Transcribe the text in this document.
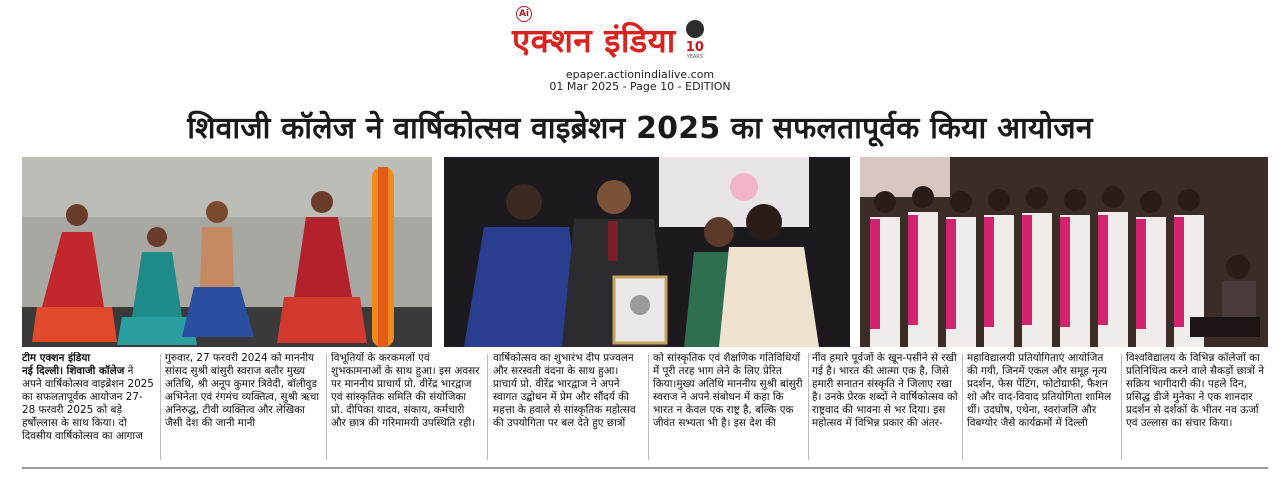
Ai
एक्शन इंडिया 10
YEARS
epaper.actionindialive.com
01 Mar 2025 - Page 10 - EDITION
शिवाजी कॉलेज ने वार्षिकोत्सव वाइब्रेशन 2025 का सफलतापूर्वक किया आयोजन
टीम एक्शन इंडिया
नई दिल्ली। शिवाजी कॉलेज ने अपने वार्षिकोत्सव वाइब्रेशन 2025 का सफलतापूर्वक आयोजन 27-28 फरवरी 2025 को बड़े हर्षोल्लास के साथ किया। दो दिवसीय वार्षिकोत्सव का आगाज
गुरुवार, 27 फरवरी 2024 को माननीय सांसद सुश्री बांसुरी स्वराज बतौर मुख्य अतिथि, श्री अनूप कुमार त्रिवेदी, बॉलीवुड अभिनेता एवं रंगमंच व्यक्तित्व, सुश्री ऋचा अनिरुद्ध, टीवी व्यक्तित्व और लेखिका जैसी देश की जानी मानी
विभूतियों के करकमलों एवं शुभकामनाओं के साथ हुआ। इस अवसर पर माननीय प्राचार्य प्रो. वीरेंद्र भारद्वाज एवं सांस्कृतिक समिति की संयोजिका प्रो. दीपिका यादव, संकाय, कर्मचारी और छात्र की गरिमामयी उपस्थिति रही।
वार्षिकोत्सव का शुभारंभ दीप प्रज्वलन और सरस्वती वंदना के साथ हुआ। प्राचार्य प्रो. वीरेंद्र भारद्वाज ने अपने स्वागत उद्बोधन में प्रेम और सौंदर्य की महत्ता के हवाले से सांस्कृतिक महोत्सव की उपयोगिता पर बल देते हुए छात्रों
को सांस्कृतिक एवं शैक्षणिक गतिविधियों में पूरी तरह भाग लेने के लिए प्रेरित किया।मुख्य अतिथि माननीय सुश्री बांसुरी स्वराज ने अपने संबोधन में कहा कि भारत न केवल एक राष्ट्र है, बल्कि एक जीवंत सभ्यता भी है। इस देश की
नींव हमारे पूर्वजों के खून-पसीने से रखी गई है। भारत की आत्मा एक है, जिसे हमारी सनातन संस्कृति ने जिलाए रखा है। उनके प्रेरक शब्दों ने वार्षिकोत्सव को राष्ट्रवाद की भावना से भर दिया। इस महोत्सव में विभिन्न प्रकार की अंतर-
महाविद्यालयी प्रतियोगिताएं आयोजित की गयी, जिनमें एकल और समूह नृत्य प्रदर्शन, फेस पेंटिंग, फोटोग्राफी, फैशन शो और वाद-विवाद प्रतियोगिता शामिल थीं। उदघोष, एथेना, स्वरांजलि और विबग्योर जैसे कार्यक्रमों में दिल्ली
विश्वविद्यालय के विभिन्न कॉलेजों का प्रतिनिधित्व करने वाले सैकड़ों छात्रों ने सक्रिय भागीदारी की। पहले दिन, प्रसिद्ध डीजे मुनेका ने एक शानदार प्रदर्शन से दर्शकों के भीतर नव ऊर्जा एवं उल्लास का संचार किया।
